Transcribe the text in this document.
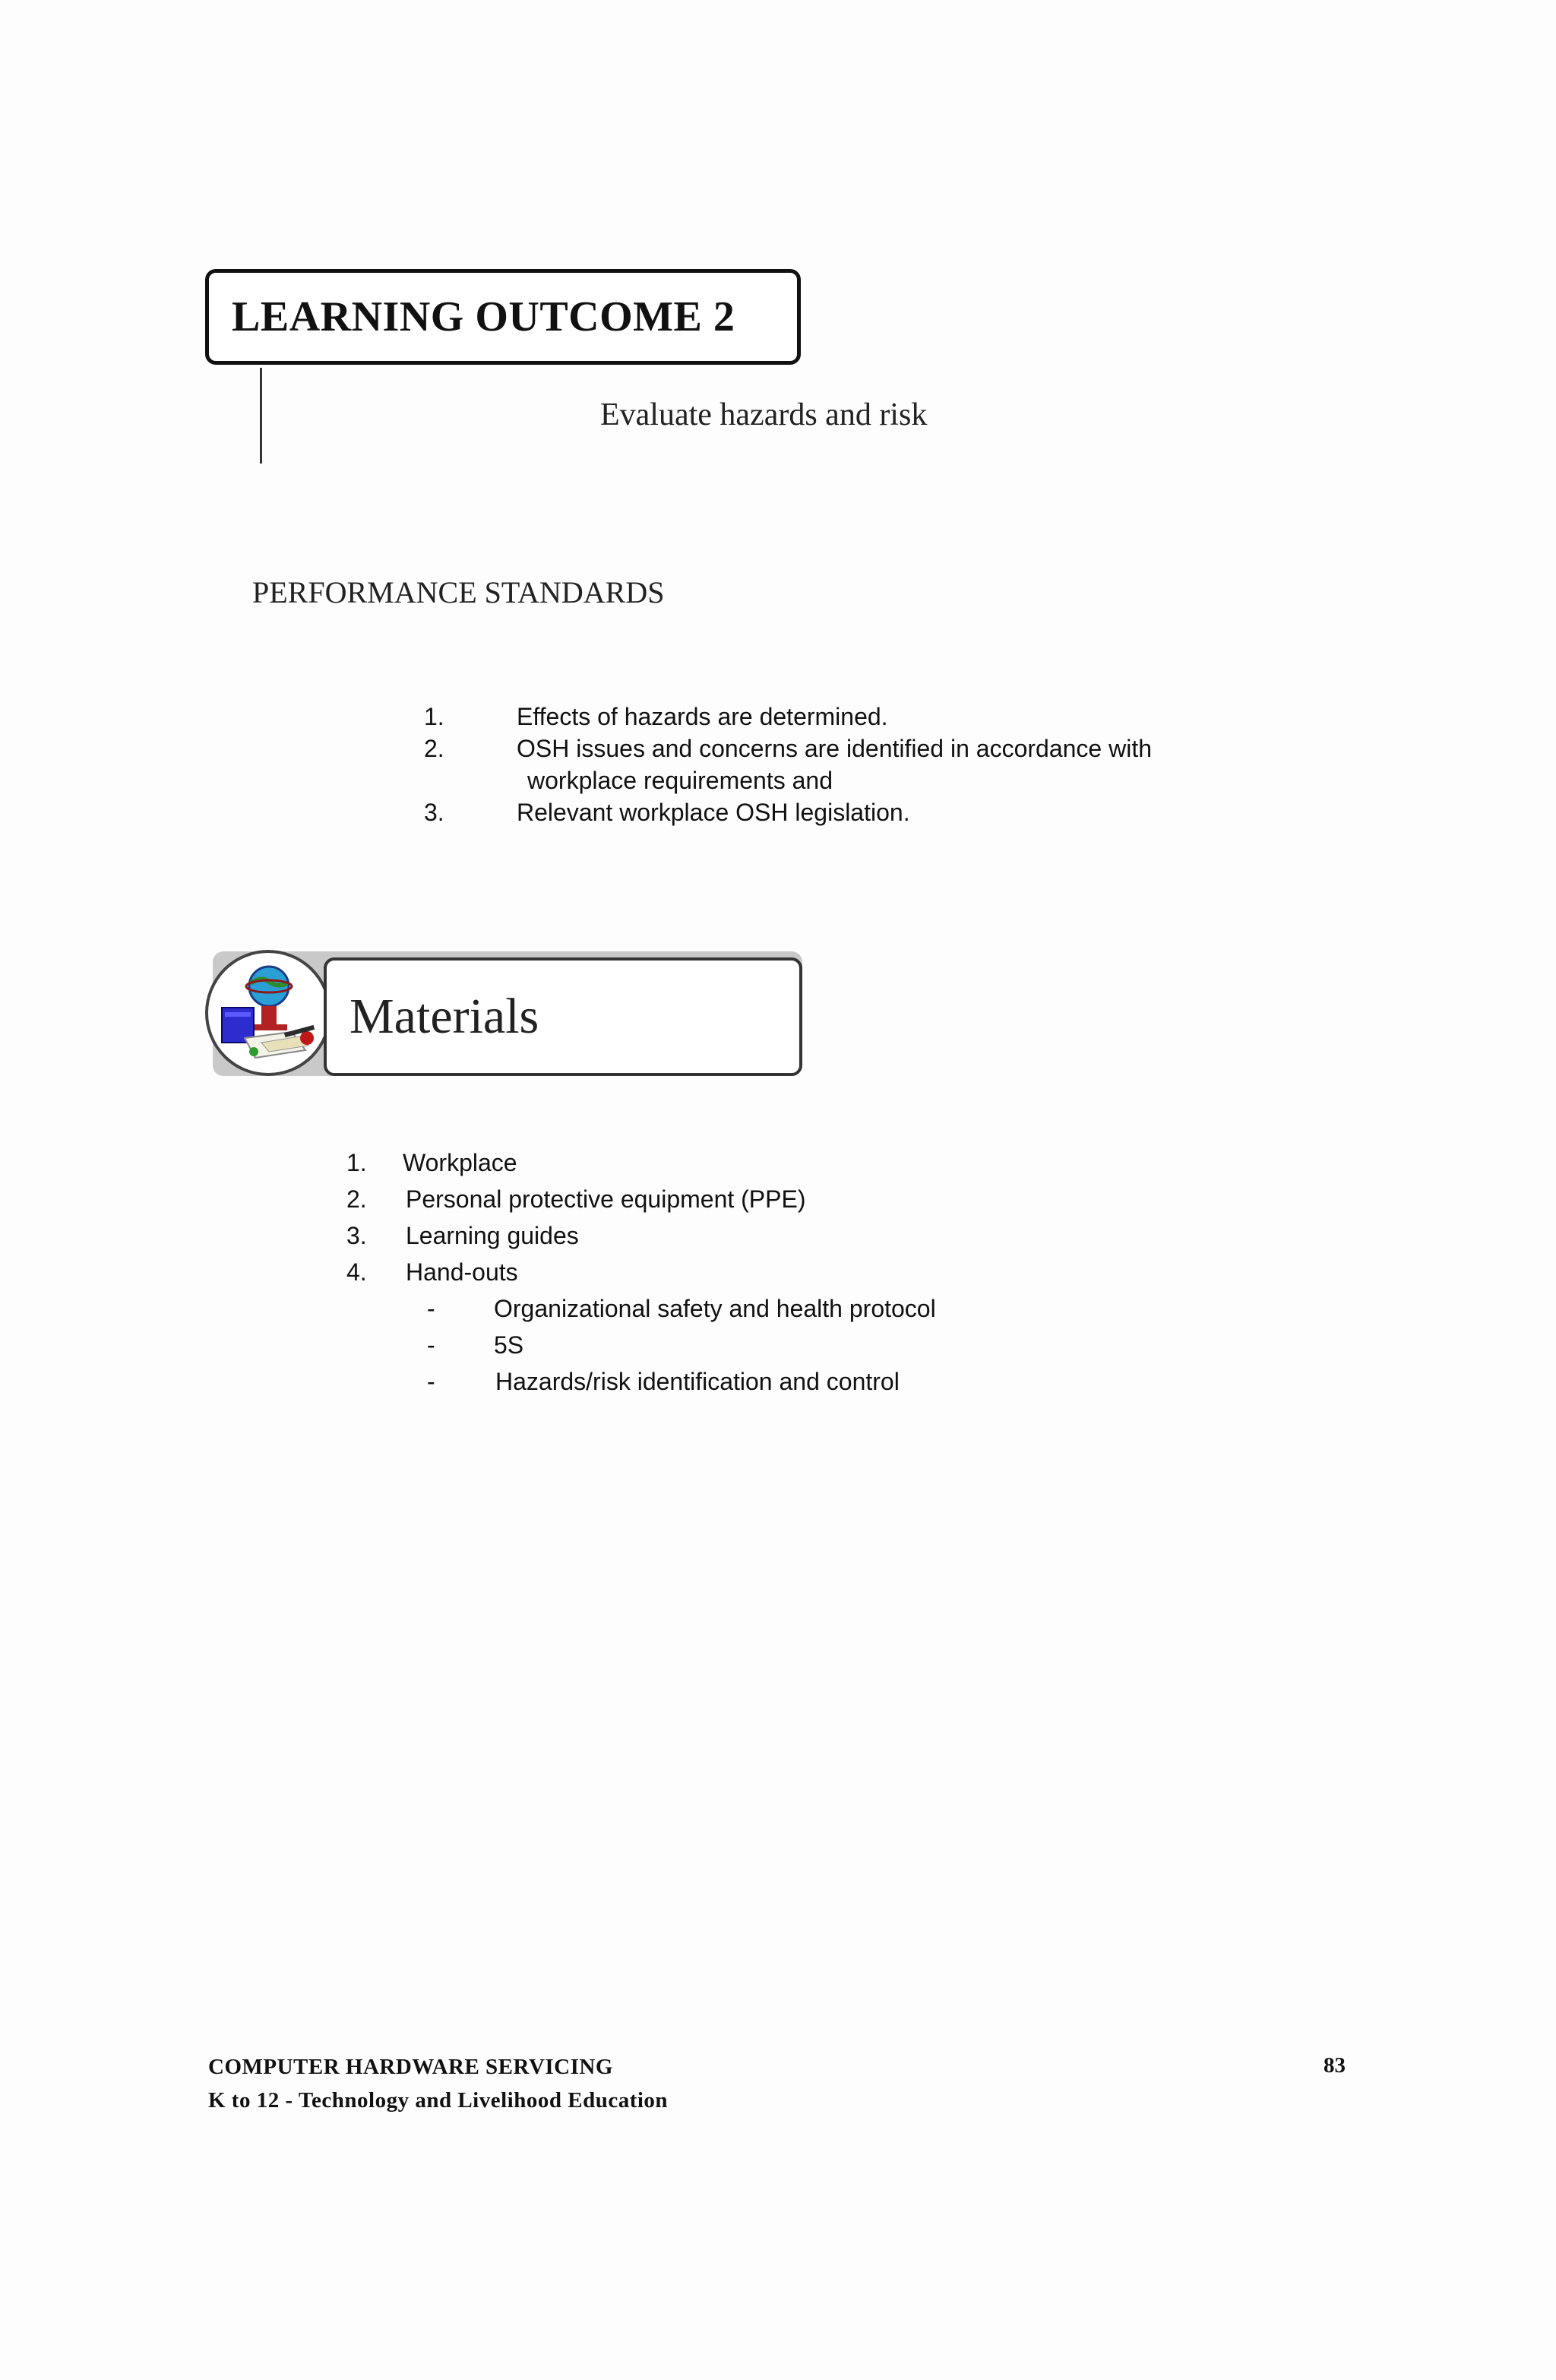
LEARNING OUTCOME 2
Evaluate hazards and risk
PERFORMANCE STANDARDS
1.	Effects of hazards are determined.
2.	OSH issues and concerns are identified in accordance with
workplace requirements and
3.	Relevant workplace OSH legislation.
Materials
1.	Workplace
2.	Personal protective equipment (PPE)
3.	Learning guides
4.	Hand-outs
-	Organizational safety and health protocol
-	5S
-	Hazards/risk identification and control
COMPUTER HARDWARE SERVICING
K to 12 - Technology and Livelihood Education
83
